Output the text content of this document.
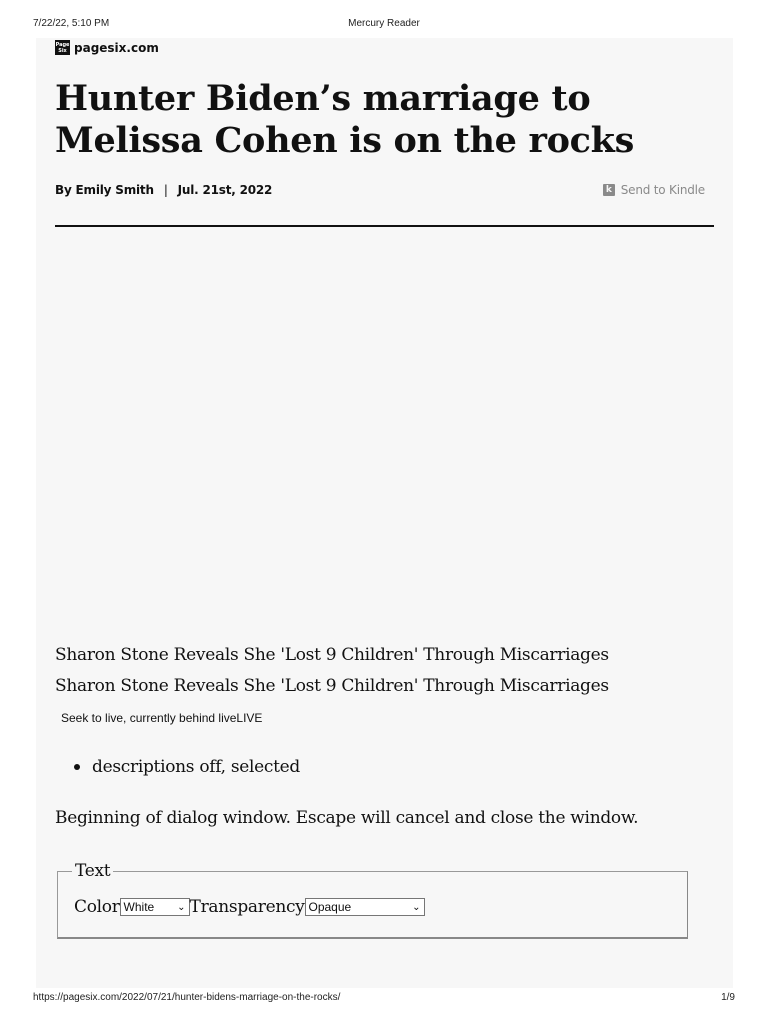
7/22/22, 5:10 PM	Mercury Reader
Page
Six pagesix.com
Hunter Biden’s marriage to Melissa Cohen is on the rocks
By Emily Smith | Jul. 21st, 2022	k Send to Kindle

Sharon Stone Reveals She 'Lost 9 Children' Through Miscarriages

Sharon Stone Reveals She 'Lost 9 Children' Through Miscarriages

Seek to live, currently behind liveLIVE
descriptions off, selected

Beginning of dialog window. Escape will cancel and close the window.

Text
Color White ⌄ Transparency Opaque	⌄
https://pagesix.com/2022/07/21/hunter-bidens-marriage-on-the-rocks/	1/9
